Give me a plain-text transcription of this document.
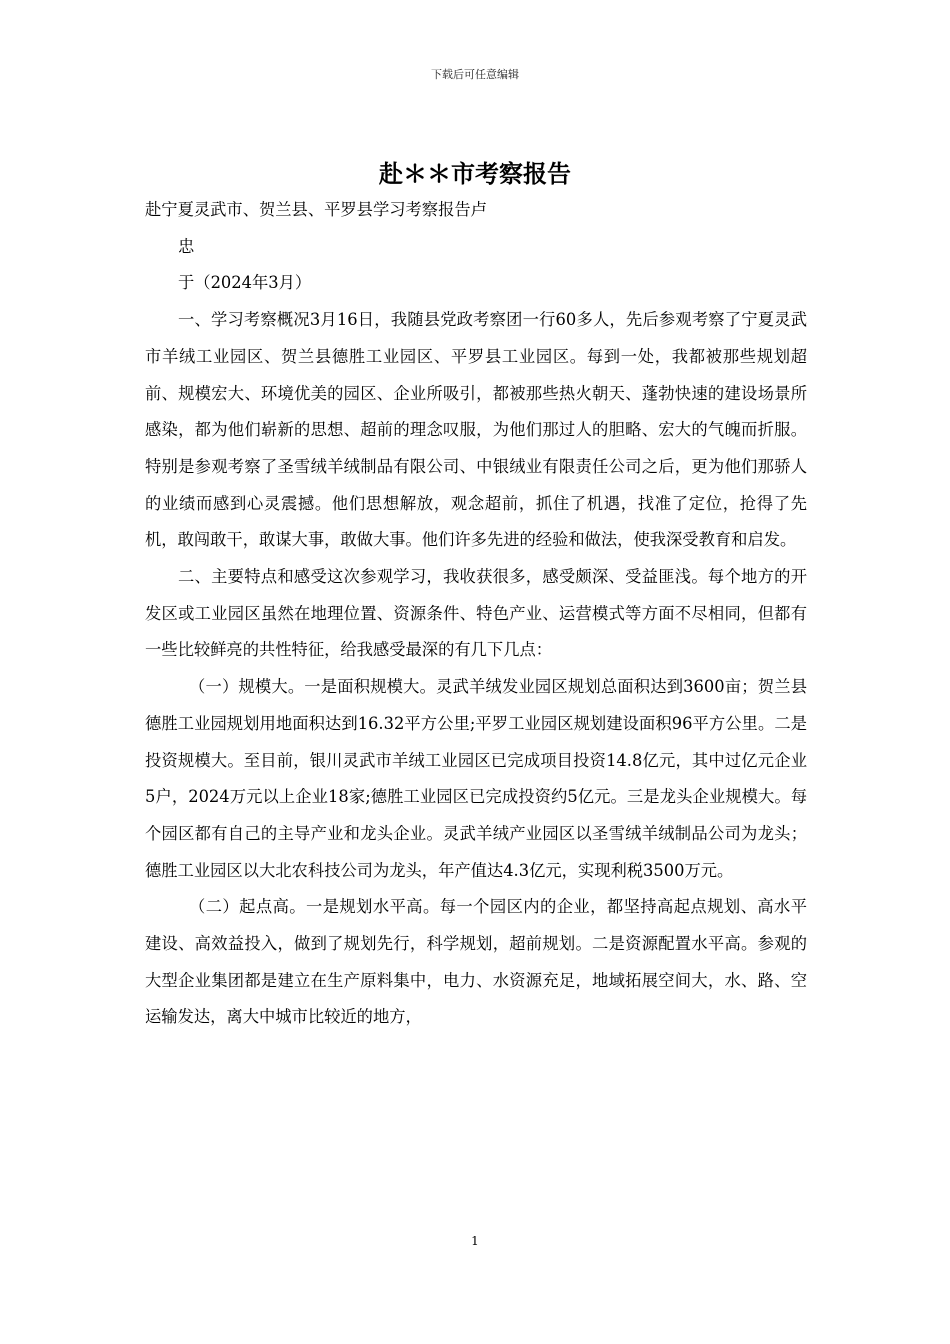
下载后可任意编辑
赴＊＊市考察报告

赴宁夏灵武市、贺兰县、平罗县学习考察报告卢

忠

于（2024年3月）

一、学习考察概况3月16日，我随县党政考察团一行60多人，先后参观考察了宁夏灵武市羊绒工业园区、贺兰县德胜工业园区、平罗县工业园区。每到一处，我都被那些规划超前、规模宏大、环境优美的园区、企业所吸引，都被那些热火朝天、蓬勃快速的建设场景所感染，都为他们崭新的思想、超前的理念叹服，为他们那过人的胆略、宏大的气魄而折服。特别是参观考察了圣雪绒羊绒制品有限公司、中银绒业有限责任公司之后，更为他们那骄人的业绩而感到心灵震撼。他们思想解放，观念超前，抓住了机遇，找准了定位，抢得了先机，敢闯敢干，敢谋大事，敢做大事。他们许多先进的经验和做法，使我深受教育和启发。

二、主要特点和感受这次参观学习，我收获很多，感受颇深、受益匪浅。每个地方的开发区或工业园区虽然在地理位置、资源条件、特色产业、运营模式等方面不尽相同，但都有一些比较鲜亮的共性特征，给我感受最深的有几下几点：

（一）规模大。一是面积规模大。灵武羊绒发业园区规划总面积达到3600亩；贺兰县德胜工业园规划用地面积达到16.32平方公里;平罗工业园区规划建设面积96平方公里。二是投资规模大。至目前，银川灵武市羊绒工业园区已完成项目投资14.8亿元，其中过亿元企业5户，2024万元以上企业18家;德胜工业园区已完成投资约5亿元。三是龙头企业规模大。每个园区都有自己的主导产业和龙头企业。灵武羊绒产业园区以圣雪绒羊绒制品公司为龙头；德胜工业园区以大北农科技公司为龙头，年产值达4.3亿元，实现利税3500万元。

（二）起点高。一是规划水平高。每一个园区内的企业，都坚持高起点规划、高水平建设、高效益投入，做到了规划先行，科学规划，超前规划。二是资源配置水平高。参观的大型企业集团都是建立在生产原料集中，电力、水资源充足，地域拓展空间大，水、路、空运输发达，离大中城市比较近的地方，

1
